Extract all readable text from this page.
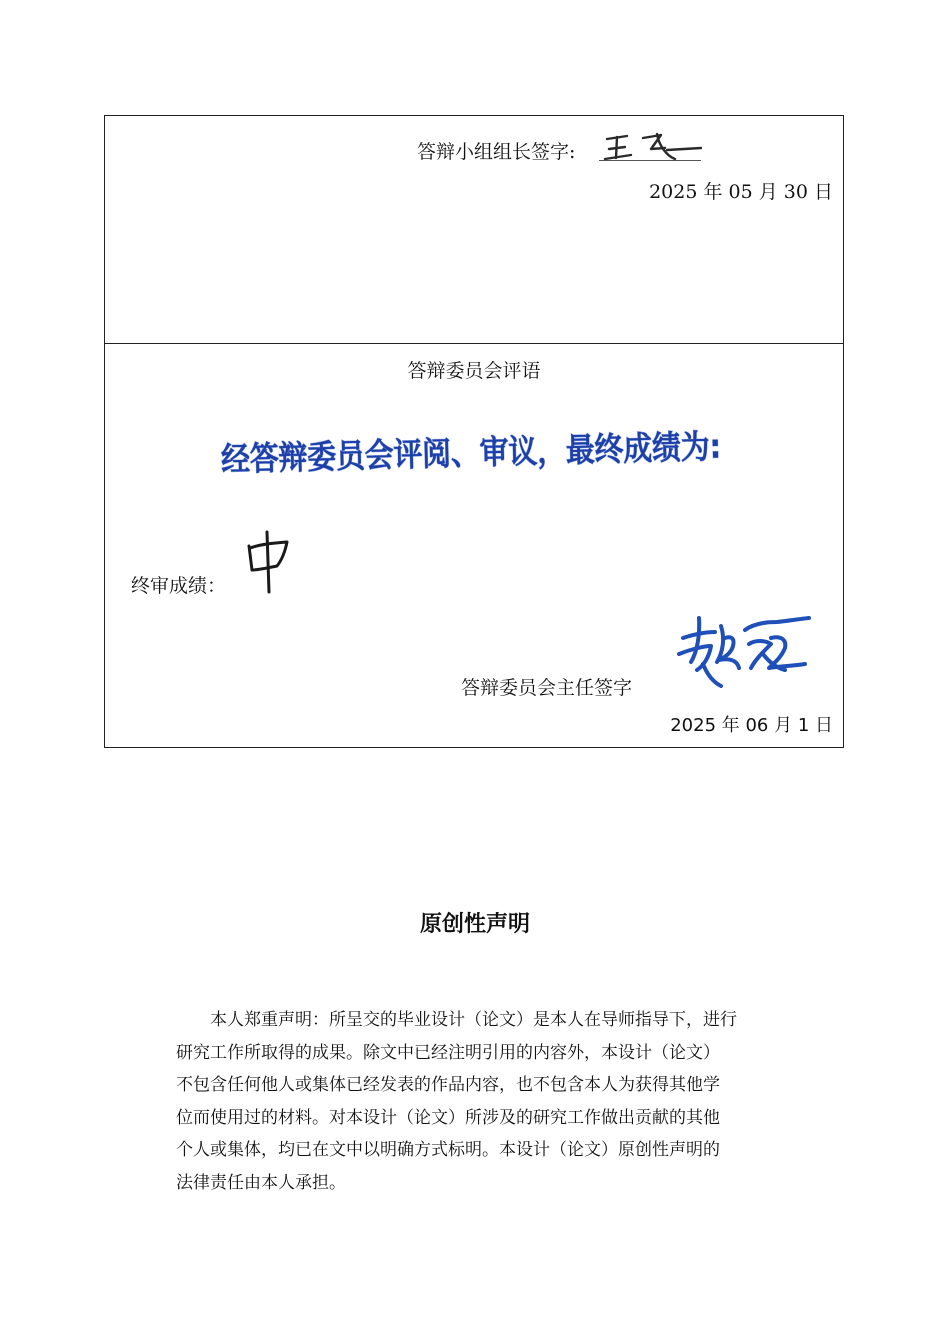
答辩小组组长签字:
2025 年 05 月 30 日
答辩委员会评语
经答辩委员会评阅、审议，最终成绩为:
终审成绩：
答辩委员会主任签字
2025 年 06 月 1 日
原创性声明
本人郑重声明：所呈交的毕业设计（论文）是本人在导师指导下，进行
研究工作所取得的成果。除文中已经注明引用的内容外，本设计（论文）
不包含任何他人或集体已经发表的作品内容，也不包含本人为获得其他学
位而使用过的材料。对本设计（论文）所涉及的研究工作做出贡献的其他
个人或集体，均已在文中以明确方式标明。本设计（论文）原创性声明的
法律责任由本人承担。
